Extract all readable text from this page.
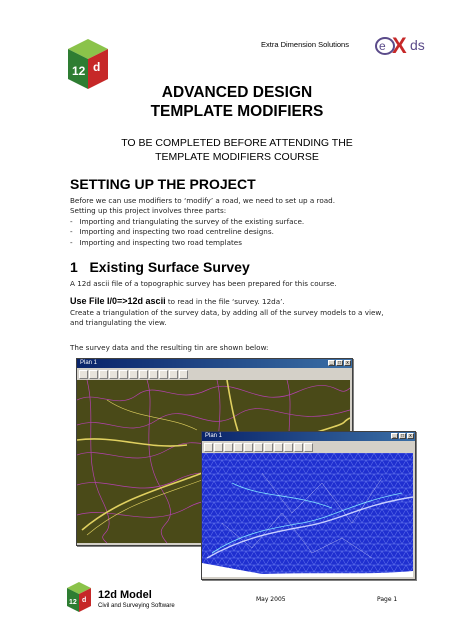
12 d
Extra Dimension Solutions	e X ds
ADVANCED DESIGN
TEMPLATE MODIFIERS
TO BE COMPLETED BEFORE ATTENDING THE
TEMPLATE MODIFIERS COURSE
SETTING UP THE PROJECT
Before we can use modifiers to ‘modify’ a road, we need to set up a road.
Setting up this project involves three parts:
-   Importing and triangulating the survey of the existing surface.
-   Importing and inspecting two road centreline designs.
-   Importing and inspecting two road templates
1 Existing Surface Survey
A 12d ascii file of a topographic survey has been prepared for this course.
Use File I/0=>12d ascii to read in the file ‘survey. 12da’.
Create a triangulation of the survey data, by adding all of the survey models to a view,
and triangulating the view.
The survey data and the resulting tin are shown below:
Plan 1	_	□	x
Plan 1	_	□	x
12 d 12d Model
Civil and Surveying Software
May 2005	Page 1
